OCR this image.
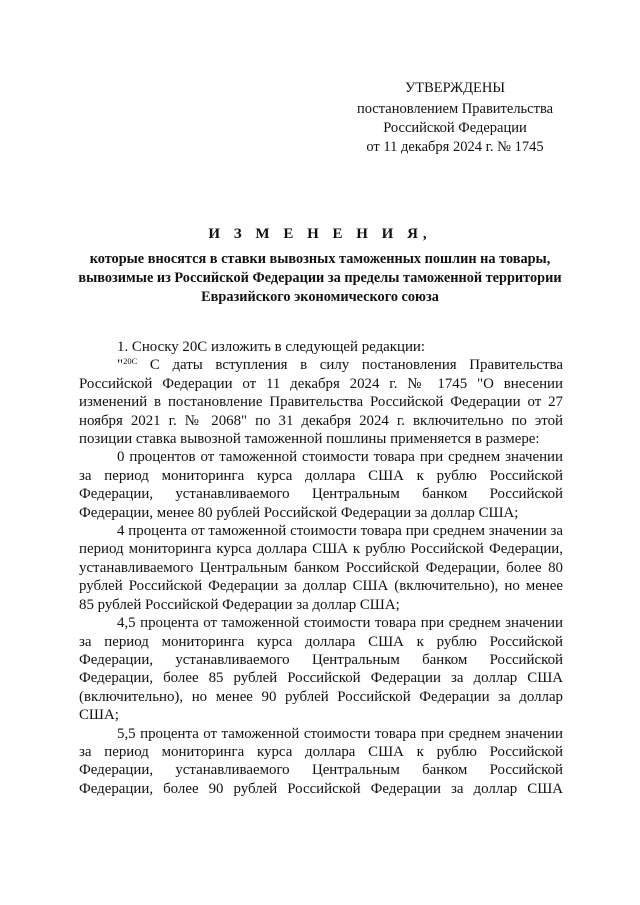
УТВЕРЖДЕНЫ
постановлением Правительства
Российской Федерации
от 11 декабря 2024 г. № 1745
И З М Е Н Е Н И Я,
которые вносятся в ставки вывозных таможенных пошлин на товары, вывозимые из Российской Федерации за пределы таможенной территории Евразийского экономического союза

1. Сноску 20С изложить в следующей редакции:

"$^{20С}$ С даты вступления в силу постановления Правительства Российской Федерации от 11 декабря 2024 г. № 1745 "О внесении изменений в постановление Правительства Российской Федерации от 27 ноября 2021 г. № 2068" по 31 декабря 2024 г. включительно по этой позиции ставка вывозной таможенной пошлины применяется в размере:

0 процентов от таможенной стоимости товара при среднем значении за период мониторинга курса доллара США к рублю Российской Федерации, устанавливаемого Центральным банком Российской Федерации, менее 80 рублей Российской Федерации за доллар США;

4 процента от таможенной стоимости товара при среднем значении за период мониторинга курса доллара США к рублю Российской Федерации, устанавливаемого Центральным банком Российской Федерации, более 80 рублей Российской Федерации за доллар США (включительно), но менее 85 рублей Российской Федерации за доллар США;

4,5 процента от таможенной стоимости товара при среднем значении за период мониторинга курса доллара США к рублю Российской Федерации, устанавливаемого Центральным банком Российской Федерации, более 85 рублей Российской Федерации за доллар США (включительно), но менее 90 рублей Российской Федерации за доллар США;

5,5 процента от таможенной стоимости товара при среднем значении за период мониторинга курса доллара США к рублю Российской Федерации, устанавливаемого Центральным банком Российской Федерации, более 90 рублей Российской Федерации за доллар США
